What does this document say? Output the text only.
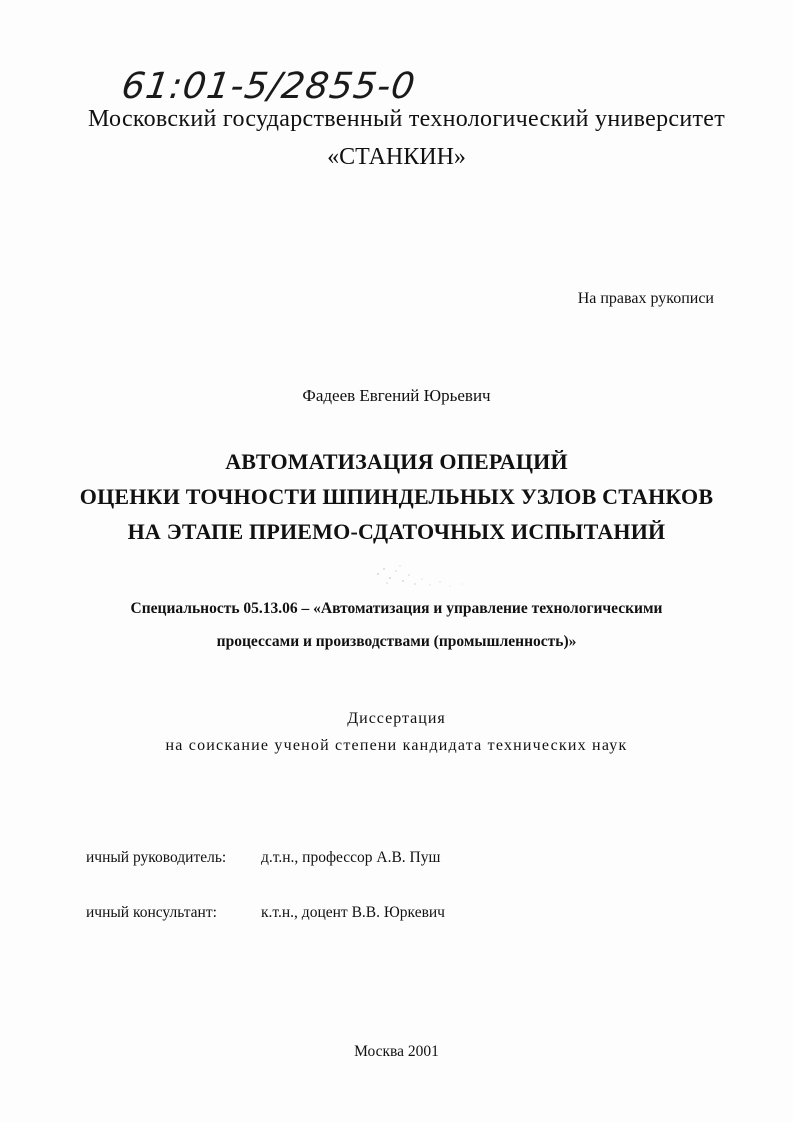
61:01-5/2855-0
Московский государственный технологический университет
«СТАНКИН»
На правах рукописи
Фадеев Евгений Юрьевич
АВТОМАТИЗАЦИЯ ОПЕРАЦИЙ
ОЦЕНКИ ТОЧНОСТИ ШПИНДЕЛЬНЫХ УЗЛОВ СТАНКОВ
НА ЭТАПЕ ПРИЕМО-СДАТОЧНЫХ ИСПЫТАНИЙ
Специальность 05.13.06 – «Автоматизация и управление технологическими
процессами и производствами (промышленность)»
Диссертация
на соискание ученой степени кандидата технических наук
ичный руководитель: д.т.н., профессор А.В. Пуш
ичный консультант:	к.т.н., доцент В.В. Юркевич
Москва 2001
